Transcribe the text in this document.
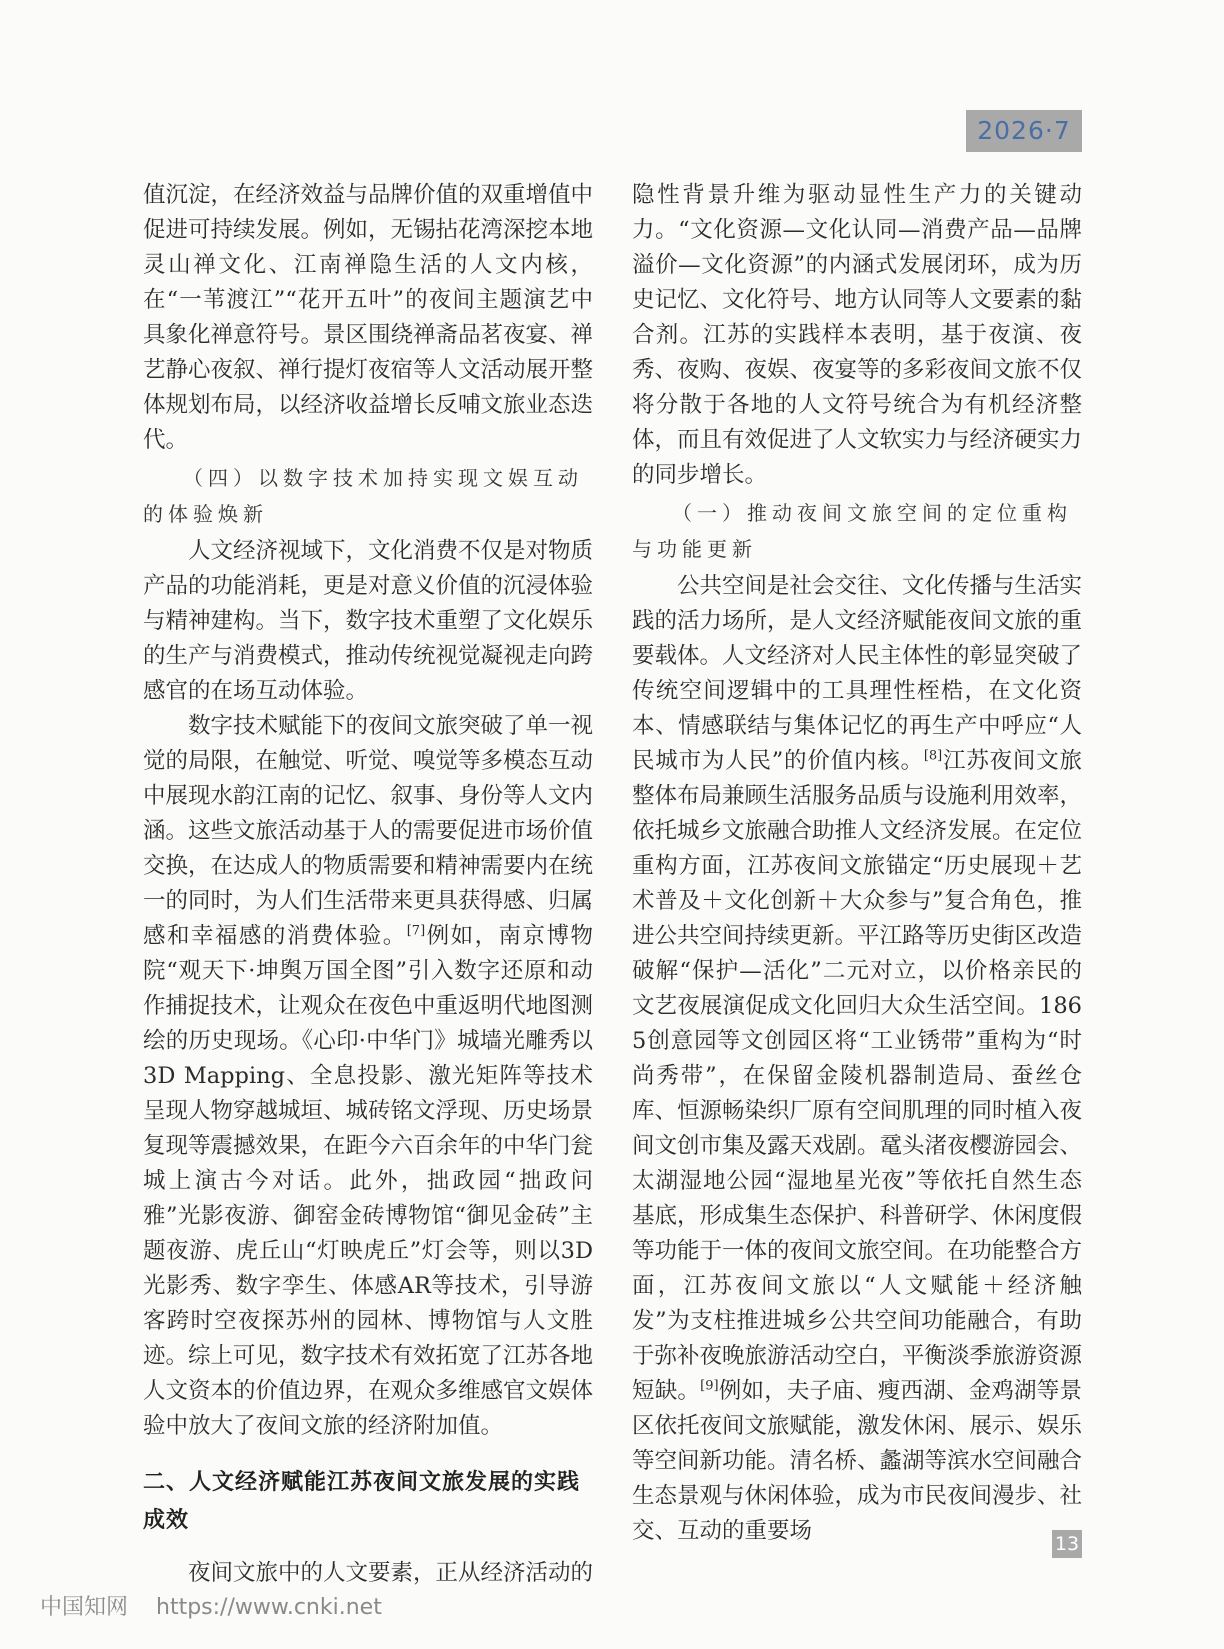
2026·7

值沉淀，在经济效益与品牌价值的双重增值中促进可持续发展。例如，无锡拈花湾深挖本地灵山禅文化、江南禅隐生活的人文内核，在“一苇渡江”“花开五叶”的夜间主题演艺中具象化禅意符号。景区围绕禅斋品茗夜宴、禅艺静心夜叙、禅行提灯夜宿等人文活动展开整体规划布局，以经济收益增长反哺文旅业态迭代。

（四）以数字技术加持实现文娱互动的体验焕新

人文经济视域下，文化消费不仅是对物质产品的功能消耗，更是对意义价值的沉浸体验与精神建构。当下，数字技术重塑了文化娱乐的生产与消费模式，推动传统视觉凝视走向跨感官的在场互动体验。

数字技术赋能下的夜间文旅突破了单一视觉的局限，在触觉、听觉、嗅觉等多模态互动中展现水韵江南的记忆、叙事、身份等人文内涵。这些文旅活动基于人的需要促进市场价值交换，在达成人的物质需要和精神需要内在统一的同时，为人们生活带来更具获得感、归属感和幸福感的消费体验。[7]例如，南京博物院“观天下·坤舆万国全图”引入数字还原和动作捕捉技术，让观众在夜色中重返明代地图测绘的历史现场。《心印·中华门》城墙光雕秀以3D Mapping、全息投影、激光矩阵等技术呈现人物穿越城垣、城砖铭文浮现、历史场景复现等震撼效果，在距今六百余年的中华门瓮城上演古今对话。此外，拙政园“拙政问雅”光影夜游、御窑金砖博物馆“御见金砖”主题夜游、虎丘山“灯映虎丘”灯会等，则以3D光影秀、数字孪生、体感AR等技术，引导游客跨时空夜探苏州的园林、博物馆与人文胜迹。综上可见，数字技术有效拓宽了江苏各地人文资本的价值边界，在观众多维感官文娱体验中放大了夜间文旅的经济附加值。

二、人文经济赋能江苏夜间文旅发展的实践成效

夜间文旅中的人文要素，正从经济活动的

隐性背景升维为驱动显性生产力的关键动力。“文化资源—文化认同—消费产品—品牌溢价—文化资源”的内涵式发展闭环，成为历史记忆、文化符号、地方认同等人文要素的黏合剂。江苏的实践样本表明，基于夜演、夜秀、夜购、夜娱、夜宴等的多彩夜间文旅不仅将分散于各地的人文符号统合为有机经济整体，而且有效促进了人文软实力与经济硬实力的同步增长。

（一）推动夜间文旅空间的定位重构与功能更新

公共空间是社会交往、文化传播与生活实践的活力场所，是人文经济赋能夜间文旅的重要载体。人文经济对人民主体性的彰显突破了传统空间逻辑中的工具理性桎梏，在文化资本、情感联结与集体记忆的再生产中呼应“人民城市为人民”的价值内核。[8]江苏夜间文旅整体布局兼顾生活服务品质与设施利用效率，依托城乡文旅融合助推人文经济发展。在定位重构方面，江苏夜间文旅锚定“历史展现＋艺术普及＋文化创新＋大众参与”复合角色，推进公共空间持续更新。平江路等历史街区改造破解“保护—活化”二元对立，以价格亲民的文艺夜展演促成文化回归大众生活空间。1865创意园等文创园区将“工业锈带”重构为“时尚秀带”，在保留金陵机器制造局、蚕丝仓库、恒源畅染织厂原有空间肌理的同时植入夜间文创市集及露天戏剧。鼋头渚夜樱游园会、太湖湿地公园“湿地星光夜”等依托自然生态基底，形成集生态保护、科普研学、休闲度假等功能于一体的夜间文旅空间。在功能整合方面，江苏夜间文旅以“人文赋能＋经济触发”为支柱推进城乡公共空间功能融合，有助于弥补夜晚旅游活动空白，平衡淡季旅游资源短缺。[9]例如，夫子庙、瘦西湖、金鸡湖等景区依托夜间文旅赋能，激发休闲、展示、娱乐等空间新功能。清名桥、蠡湖等滨水空间融合生态景观与休闲体验，成为市民夜间漫步、社交、互动的重要场	13
中国知网 https://www.cnki.net
